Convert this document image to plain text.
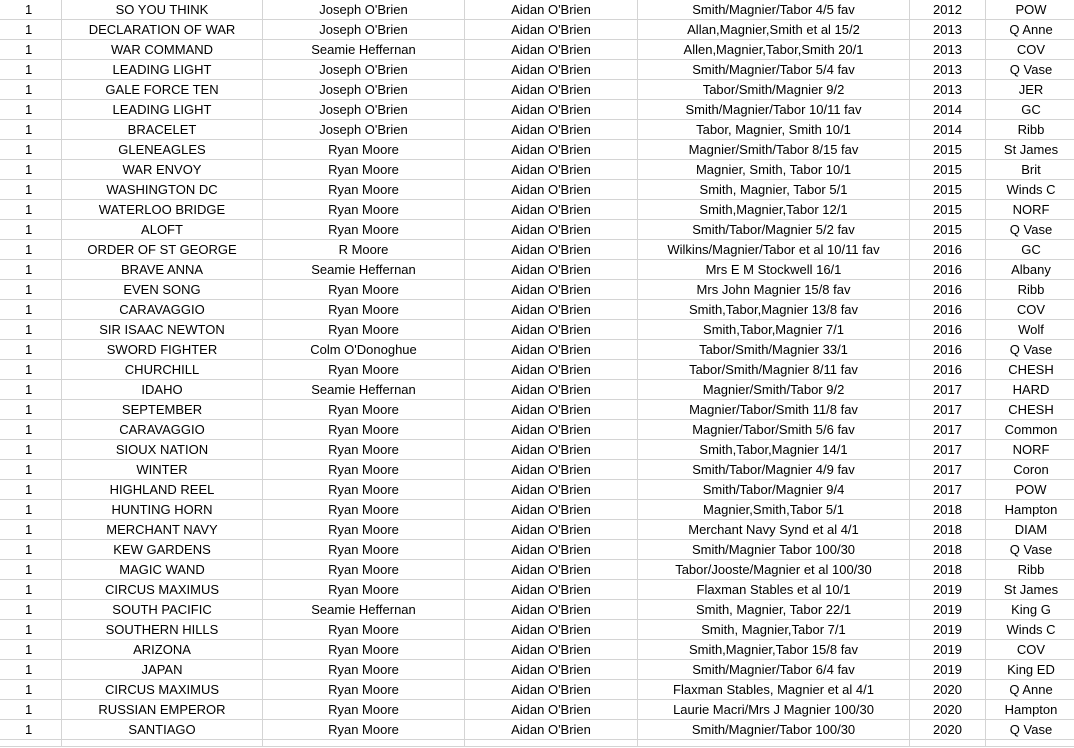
1	SO YOU THINK	Joseph O'Brien	Aidan O'Brien	Smith/Magnier/Tabor 4/5 fav	2012	POW
1	DECLARATION OF WAR	Joseph O'Brien	Aidan O'Brien	Allan,Magnier,Smith et al 15/2	2013	Q Anne
1	WAR COMMAND	Seamie Heffernan	Aidan O'Brien	Allen,Magnier,Tabor,Smith 20/1	2013	COV
1	LEADING LIGHT	Joseph O'Brien	Aidan O'Brien	Smith/Magnier/Tabor 5/4 fav	2013	Q Vase
1	GALE FORCE TEN	Joseph O'Brien	Aidan O'Brien	Tabor/Smith/Magnier 9/2	2013	JER
1	LEADING LIGHT	Joseph O'Brien	Aidan O'Brien	Smith/Magnier/Tabor 10/11 fav	2014	GC
1	BRACELET	Joseph O'Brien	Aidan O'Brien	Tabor, Magnier, Smith 10/1	2014	Ribb
1	GLENEAGLES	Ryan Moore	Aidan O'Brien	Magnier/Smith/Tabor 8/15 fav	2015	St James
1	WAR ENVOY	Ryan Moore	Aidan O'Brien	Magnier, Smith, Tabor 10/1	2015	Brit
1	WASHINGTON DC	Ryan Moore	Aidan O'Brien	Smith, Magnier, Tabor 5/1	2015	Winds C
1	WATERLOO BRIDGE	Ryan Moore	Aidan O'Brien	Smith,Magnier,Tabor 12/1	2015	NORF
1	ALOFT	Ryan Moore	Aidan O'Brien	Smith/Tabor/Magnier 5/2 fav	2015	Q Vase
1	ORDER OF ST GEORGE	R Moore	Aidan O'Brien	Wilkins/Magnier/Tabor et al 10/11 fav	2016	GC
1	BRAVE ANNA	Seamie Heffernan	Aidan O'Brien	Mrs E M Stockwell 16/1	2016	Albany
1	EVEN SONG	Ryan Moore	Aidan O'Brien	Mrs John Magnier 15/8 fav	2016	Ribb
1	CARAVAGGIO	Ryan Moore	Aidan O'Brien	Smith,Tabor,Magnier 13/8 fav	2016	COV
1	SIR ISAAC NEWTON	Ryan Moore	Aidan O'Brien	Smith,Tabor,Magnier 7/1	2016	Wolf
1	SWORD FIGHTER	Colm O'Donoghue	Aidan O'Brien	Tabor/Smith/Magnier 33/1	2016	Q Vase
1	CHURCHILL	Ryan Moore	Aidan O'Brien	Tabor/Smith/Magnier 8/11 fav	2016	CHESH
1	IDAHO	Seamie Heffernan	Aidan O'Brien	Magnier/Smith/Tabor 9/2	2017	HARD
1	SEPTEMBER	Ryan Moore	Aidan O'Brien	Magnier/Tabor/Smith 11/8 fav	2017	CHESH
1	CARAVAGGIO	Ryan Moore	Aidan O'Brien	Magnier/Tabor/Smith 5/6 fav	2017	Common
1	SIOUX NATION	Ryan Moore	Aidan O'Brien	Smith,Tabor,Magnier 14/1	2017	NORF
1	WINTER	Ryan Moore	Aidan O'Brien	Smith/Tabor/Magnier 4/9 fav	2017	Coron
1	HIGHLAND REEL	Ryan Moore	Aidan O'Brien	Smith/Tabor/Magnier 9/4	2017	POW
1	HUNTING HORN	Ryan Moore	Aidan O'Brien	Magnier,Smith,Tabor 5/1	2018	Hampton
1	MERCHANT NAVY	Ryan Moore	Aidan O'Brien	Merchant Navy Synd et al 4/1	2018	DIAM
1	KEW GARDENS	Ryan Moore	Aidan O'Brien	Smith/Magnier Tabor 100/30	2018	Q Vase
1	MAGIC WAND	Ryan Moore	Aidan O'Brien	Tabor/Jooste/Magnier et al 100/30	2018	Ribb
1	CIRCUS MAXIMUS	Ryan Moore	Aidan O'Brien	Flaxman Stables et al 10/1	2019	St James
1	SOUTH PACIFIC	Seamie Heffernan	Aidan O'Brien	Smith, Magnier, Tabor 22/1	2019	King G
1	SOUTHERN HILLS	Ryan Moore	Aidan O'Brien	Smith, Magnier,Tabor 7/1	2019	Winds C
1	ARIZONA	Ryan Moore	Aidan O'Brien	Smith,Magnier,Tabor 15/8 fav	2019	COV
1	JAPAN	Ryan Moore	Aidan O'Brien	Smith/Magnier/Tabor 6/4 fav	2019	King ED
1	CIRCUS MAXIMUS	Ryan Moore	Aidan O'Brien	Flaxman Stables, Magnier et al 4/1	2020	Q Anne
1	RUSSIAN EMPEROR	Ryan Moore	Aidan O'Brien	Laurie Macri/Mrs J Magnier 100/30	2020	Hampton
1	SANTIAGO	Ryan Moore	Aidan O'Brien	Smith/Magnier/Tabor 100/30	2020	Q Vase
